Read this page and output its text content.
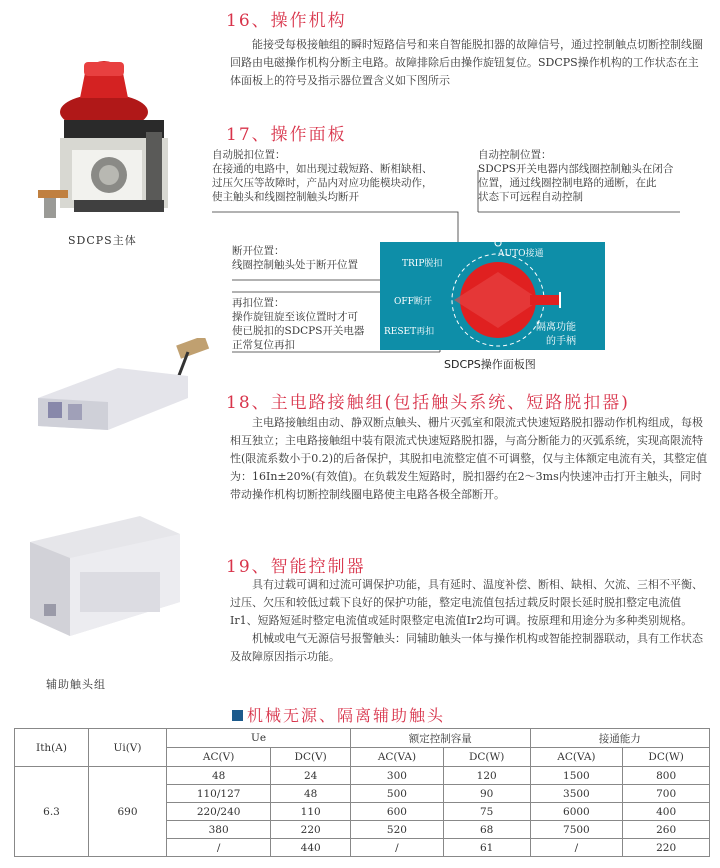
16、操作机构
能接受每极接触组的瞬时短路信号和来自智能脱扣器的故障信号，通过控制触点切断控制线圈回路由电磁操作机构分断主电路。故障排除后由操作旋钮复位。SDCPS操作机构的工作状态在主体面板上的符号及指示器位置含义如下图所示
SDCPS主体
17、操作面板
自动脱扣位置：
在接通的电路中，如出现过载短路、断相缺相、
过压欠压等故障时，产品内对应功能模块动作，
使主触头和线圈控制触头均断开
自动控制位置：
SDCPS开关电器内部线圈控制触头在闭合
位置，通过线圈控制电路的通断，在此
状态下可远程自动控制
断开位置：
线圈控制触头处于断开位置
再扣位置：
操作旋钮旋至该位置时才可
使已脱扣的SDCPS开关电器
正常复位再扣
TRIP脱扣
AUTO接通
OFF断开
RESET再扣	隔离功能
的手柄
SDCPS操作面板图
18、主电路接触组(包括触头系统、短路脱扣器)
主电路接触组由动、静双断点触头、栅片灭弧室和限流式快速短路脱扣器动作机构组成，每极相互独立；主电路接触组中装有限流式快速短路脱扣器，与高分断能力的灭弧系统，实现高限流特性(限流系数小于0.2)的后备保护，其脱扣电流整定值不可调整，仅与主体额定电流有关，其整定值为：16In±20%(有效值)。在负载发生短路时，脱扣器约在2～3ms内快速冲击打开主触头，同时带动操作机构切断控制线圈电路使主电路各极全部断开。
辅助触头组
19、智能控制器
具有过载可调和过流可调保护功能，具有延时、温度补偿、断相、缺相、欠流、三相不平衡、过压、欠压和较低过载下良好的保护功能，整定电流值包括过载反时限长延时脱扣整定电流值Ir1、短路短延时整定电流值或延时限整定电流值Ir2均可调。按原理和用途分为多种类别规格。
机械或电气无源信号报警触头：同辅助触头一体与操作机构或智能控制器联动，具有工作状态及故障原因指示功能。
机械无源、隔离辅助触头
Ith(A)	Ui(V)	Ue		额定控制容量		接通能力	
		AC(V)	DC(V)	AC(VA)	DC(W)	AC(VA)	DC(W)
6.3	690	48	24	300	120	1500	800
		110/127	48	500	90	3500	700
		220/240	110	600	75	6000	400
		380	220	520	68	7500	260
		/	440	/	61	/	220
